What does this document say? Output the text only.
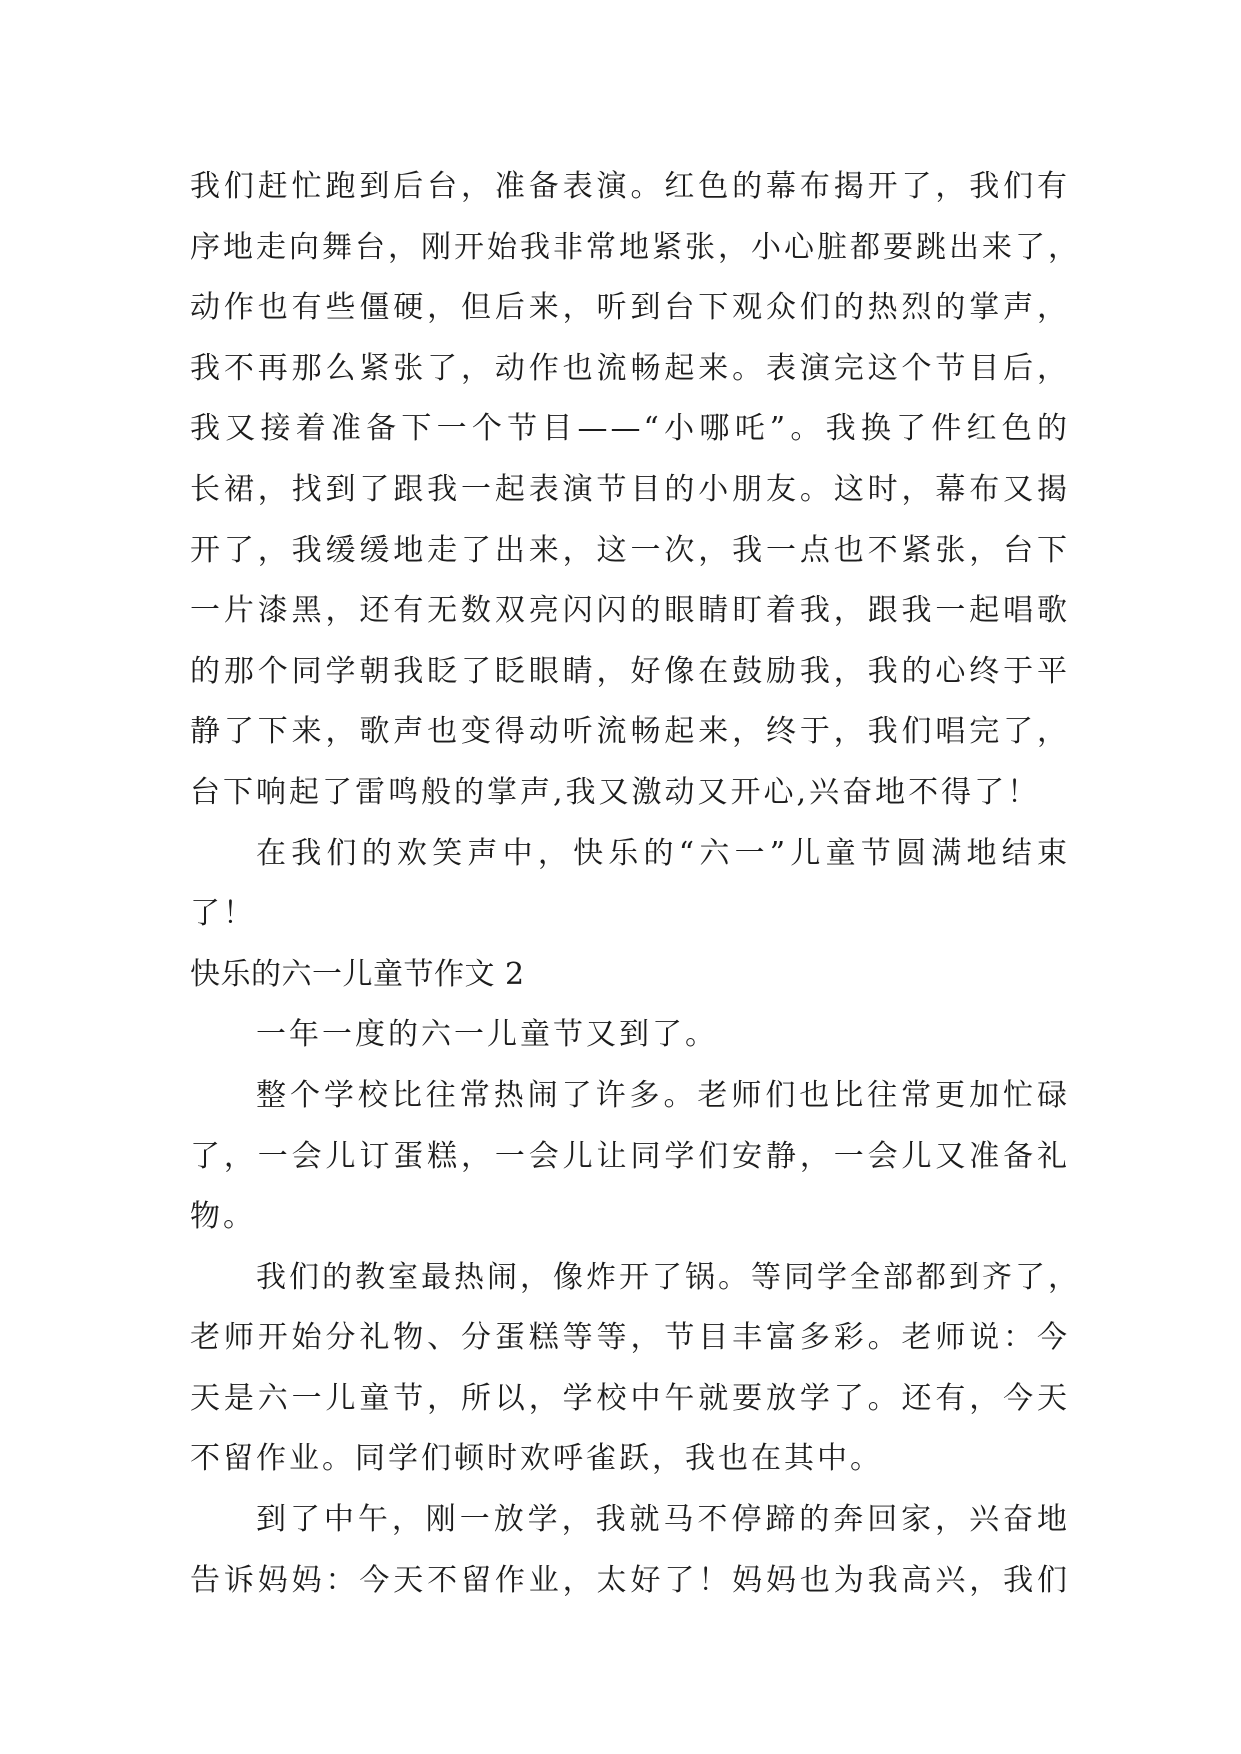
我们赶忙跑到后台，准备表演。红色的幕布揭开了，我们有
序地走向舞台，刚开始我非常地紧张，小心脏都要跳出来了，
动作也有些僵硬，但后来，听到台下观众们的热烈的掌声，
我不再那么紧张了，动作也流畅起来。表演完这个节目后，
我又接着准备下一个节目——“小哪吒”。我换了件红色的
长裙，找到了跟我一起表演节目的小朋友。这时，幕布又揭
开了，我缓缓地走了出来，这一次，我一点也不紧张，台下
一片漆黑，还有无数双亮闪闪的眼睛盯着我，跟我一起唱歌
的那个同学朝我眨了眨眼睛，好像在鼓励我，我的心终于平
静了下来，歌声也变得动听流畅起来，终于，我们唱完了，
台下响起了雷鸣般的掌声,我又激动又开心,兴奋地不得了！
在我们的欢笑声中，快乐的“六一”儿童节圆满地结束
了！
快乐的六一儿童节作文 2
一年一度的六一儿童节又到了。
整个学校比往常热闹了许多。老师们也比往常更加忙碌
了，一会儿订蛋糕，一会儿让同学们安静，一会儿又准备礼
物。
我们的教室最热闹，像炸开了锅。等同学全部都到齐了，
老师开始分礼物、分蛋糕等等，节目丰富多彩。老师说：今
天是六一儿童节，所以，学校中午就要放学了。还有，今天
不留作业。同学们顿时欢呼雀跃，我也在其中。
到了中午，刚一放学，我就马不停蹄的奔回家，兴奋地
告诉妈妈：今天不留作业，太好了！妈妈也为我高兴，我们
